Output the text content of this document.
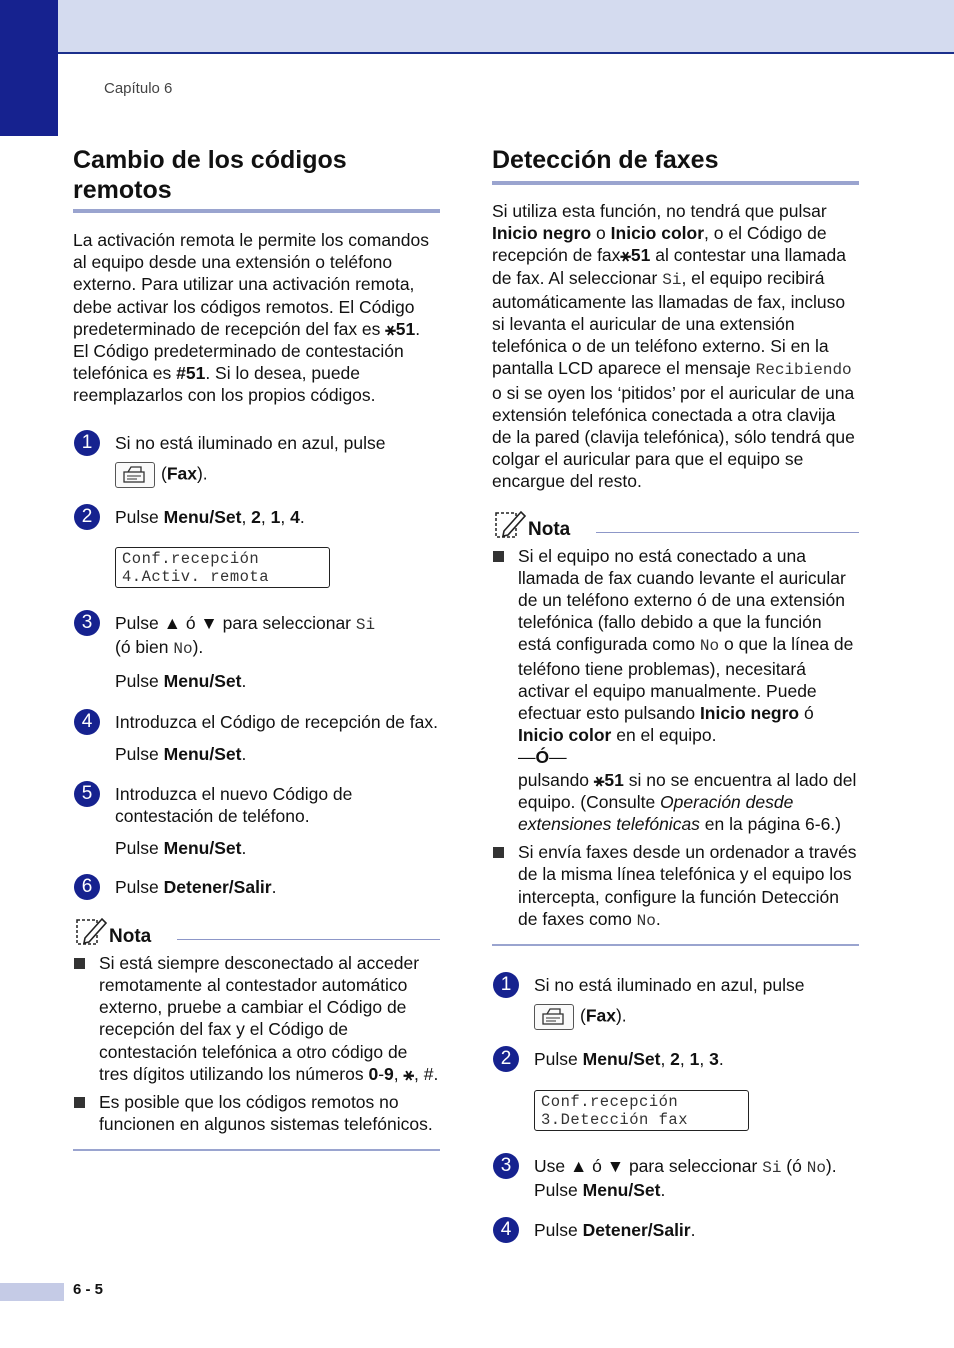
Capítulo 6
Cambio de los códigos remotos

La activación remota le permite los comandos al equipo desde una extensión o teléfono externo. Para utilizar una activación remota, debe activar los códigos remotos. El Código predeterminado de recepción del fax es ⚹51. El Código predeterminado de contestación telefónica es #51. Si lo desea, puede reemplazarlos con los propios códigos.

1	Si no está iluminado en azul, pulse
(Fax).
2	Pulse Menu/Set, 2, 1, 4.
Conf.recepción
4.Activ. remota
3	Pulse ▲ ó ▼ para seleccionar Si
(ó bien No).
Pulse Menu/Set.
4	Introduzca el Código de recepción de fax.
Pulse Menu/Set.
5	Introduzca el nuevo Código de contestación de teléfono.
Pulse Menu/Set.
6	Pulse Detener/Salir.
Nota
Si está siempre desconectado al acceder remotamente al contestador automático externo, pruebe a cambiar el Código de recepción del fax y el Código de contestación telefónica a otro código de tres dígitos utilizando los números 0-9, ⚹, #.
Es posible que los códigos remotos no funcionen en algunos sistemas telefónicos.
Detección de faxes

Si utiliza esta función, no tendrá que pulsar Inicio negro o Inicio color, o el Código de recepción de fax⚹51 al contestar una llamada de fax. Al seleccionar Si, el equipo recibirá automáticamente las llamadas de fax, incluso si levanta el auricular de una extensión telefónica o de un teléfono externo. Si en la pantalla LCD aparece el mensaje Recibiendo o si se oyen los ‘pitidos’ por el auricular de una extensión telefónica conectada a otra clavija de la pared (clavija telefónica), sólo tendrá que colgar el auricular para que el equipo se encargue del resto.

Nota
Si el equipo no está conectado a una llamada de fax cuando levante el auricular de un teléfono externo ó de una extensión telefónica (fallo debido a que la función está configurada como No o que la línea de teléfono tiene problemas), necesitará activar el equipo manualmente. Puede efectuar esto pulsando Inicio negro ó Inicio color en el equipo.
—Ó—
pulsando ⚹51 si no se encuentra al lado del equipo. (Consulte Operación desde extensiones telefónicas en la página 6-6.)
Si envía faxes desde un ordenador a través de la misma línea telefónica y el equipo los intercepta, configure la función Detección de faxes como No.
1	Si no está iluminado en azul, pulse
(Fax).
2	Pulse Menu/Set, 2, 1, 3.
Conf.recepción
3.Detección fax
3	Use ▲ ó ▼ para seleccionar Si (ó No).
Pulse Menu/Set.
4	Pulse Detener/Salir.
6 - 5
